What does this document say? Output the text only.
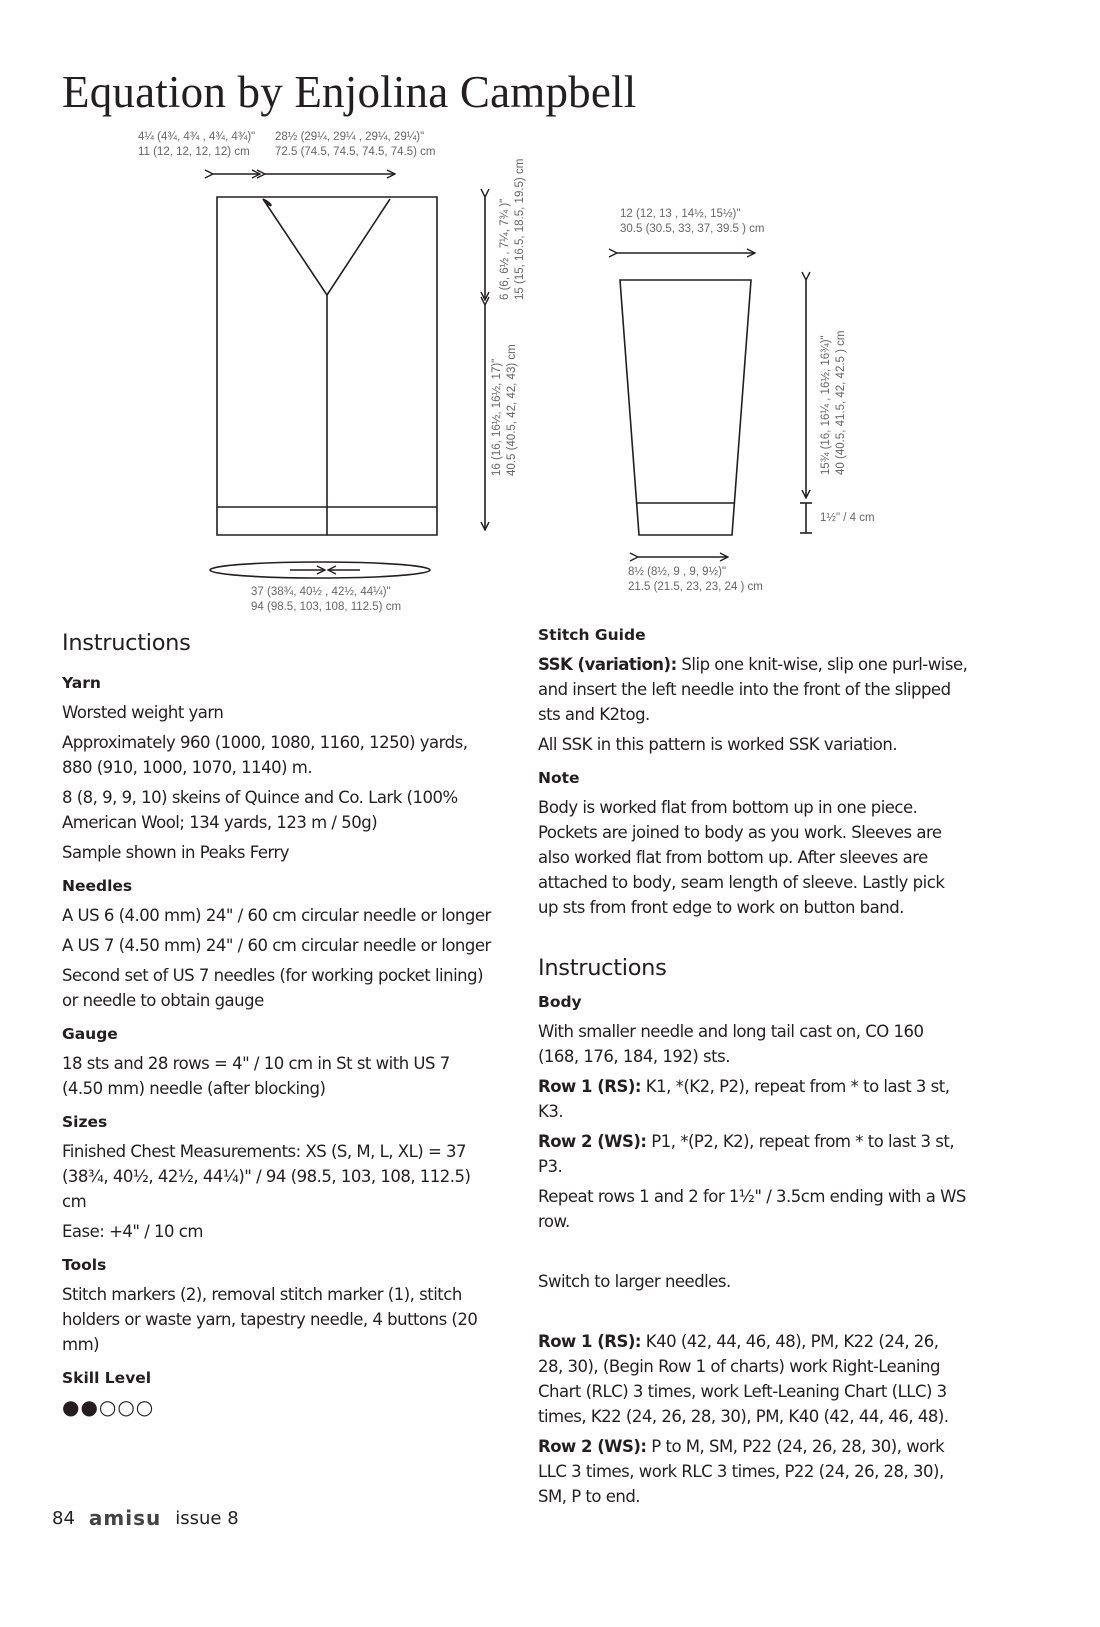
Equation by Enjolina Campbell
4¼ (4¾, 4¾ , 4¾, 4¾)"
11 (12, 12, 12, 12) cm
28½ (29¼, 29¼ , 29¼, 29¼)"
72.5 (74.5, 74.5, 74.5, 74.5) cm
6 (6, 6½ , 7¼, 7¾ )" 15 (15, 16.5, 18.5, 19.5) cm
16 (16, 16½, 16½, 17)" 40.5 (40.5, 42, 42, 43) cm
37 (38¾, 40½ , 42½, 44¼)"
94 (98.5, 103, 108, 112.5) cm
12 (12, 13 , 14½, 15½)"
30.5 (30.5, 33, 37, 39.5 ) cm
15¾ (16, 16¼ , 16½, 16¾)" 40 (40.5, 41.5, 42, 42.5 ) cm
1½" / 4 cm
8½ (8½, 9 , 9, 9½)"
21.5 (21.5, 23, 23, 24 ) cm
Instructions
Yarn

Worsted weight yarn

Approximately 960 (1000, 1080, 1160, 1250) yards, 880 (910, 1000, 1070, 1140) m.

8 (8, 9, 9, 10) skeins of Quince and Co. Lark (100% American Wool; 134 yards, 123 m / 50g)

Sample shown in Peaks Ferry

Needles

A US 6 (4.00 mm) 24" / 60 cm circular needle or longer

A US 7 (4.50 mm) 24" / 60 cm circular needle or longer

Second set of US 7 needles (for working pocket lining)

or needle to obtain gauge

Gauge

18 sts and 28 rows = 4" / 10 cm in St st with US 7 (4.50 mm) needle (after blocking)

Sizes

Finished Chest Measurements: XS (S, M, L, XL) = 37 (38¾, 40½, 42½, 44¼)" / 94 (98.5, 103, 108, 112.5) cm

Ease: +4" / 10 cm

Tools

Stitch markers (2), removal stitch marker (1), stitch holders or waste yarn, tapestry needle, 4 buttons (20 mm)

Skill Level
●●○○○
Stitch Guide

SSK (variation): Slip one knit-wise, slip one purl-wise, and insert the left needle into the front of the slipped sts and K2tog.

All SSK in this pattern is worked SSK variation.

Note

Body is worked flat from bottom up in one piece. Pockets are joined to body as you work. Sleeves are also worked flat from bottom up. After sleeves are attached to body, seam length of sleeve. Lastly pick up sts from front edge to work on button band.

Instructions
Body

With smaller needle and long tail cast on, CO 160 (168, 176, 184, 192) sts.

Row 1 (RS): K1, *(K2, P2), repeat from * to last 3 st, K3.

Row 2 (WS): P1, *(P2, K2), repeat from * to last 3 st, P3.

Repeat rows 1 and 2 for 1½" / 3.5cm ending with a WS row.

Switch to larger needles.

Row 1 (RS): K40 (42, 44, 46, 48), PM, K22 (24, 26, 28, 30), (Begin Row 1 of charts) work Right-Leaning Chart (RLC) 3 times, work Left-Leaning Chart (LLC) 3 times, K22 (24, 26, 28, 30), PM, K40 (42, 44, 46, 48).

Row 2 (WS): P to M, SM, P22 (24, 26, 28, 30), work LLC 3 times, work RLC 3 times, P22 (24, 26, 28, 30), SM, P to end.

84 amisu issue 8
